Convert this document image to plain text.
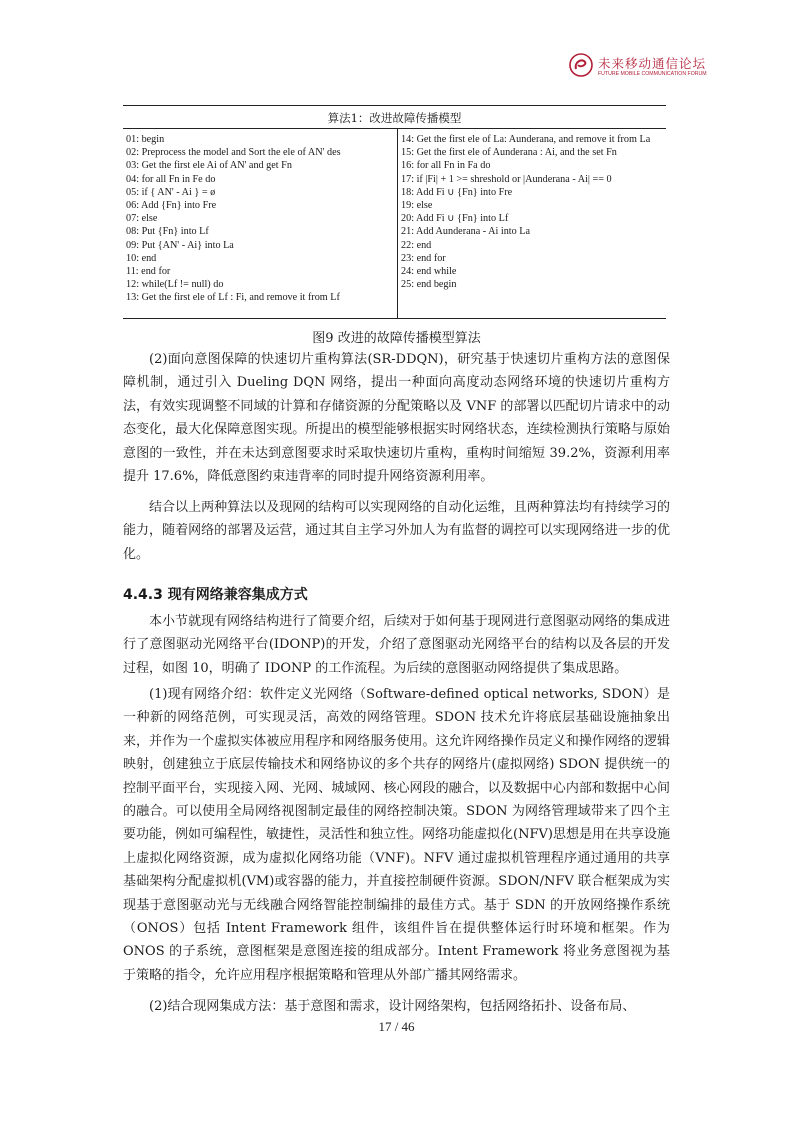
未来移动通信论坛
FUTURE MOBILE COMMUNICATION FORUM
算法1：改进故障传播模型
01: begin
02: Preprocess the model and Sort the ele of AN' des
03: Get the first ele Ai of AN' and get Fn
04: for all Fn in Fe do
05: if { AN' - Ai } = ø
06: Add {Fn} into Fre
07: else
08: Put {Fn} into Lf
09: Put {AN' - Ai} into La
10: end
11: end for
12: while(Lf != null) do
13: Get the first ele of Lf : Fi, and remove it from Lf
14: Get the first ele of La: Aunderana, and remove it from La
15: Get the first ele of Aunderana : Ai, and the set Fn
16: for all Fn in Fa do
17: if |Fi| + 1 >= shreshold or |Aunderana - Ai| == 0
18: Add Fi ∪ {Fn} into Fre
19: else
20: Add Fi ∪ {Fn} into Lf
21: Add Aunderana - Ai into La
22: end
23: end for
24: end while
25: end begin
图9 改进的故障传播模型算法
(2)面向意图保障的快速切片重构算法(SR-DDQN)，研究基于快速切片重构方法的意图保障机制，通过引入 Dueling DQN 网络，提出一种面向高度动态网络环境的快速切片重构方法，有效实现调整不同域的计算和存储资源的分配策略以及 VNF 的部署以匹配切片请求中的动态变化，最大化保障意图实现。所提出的模型能够根据实时网络状态，连续检测执行策略与原始意图的一致性，并在未达到意图要求时采取快速切片重构，重构时间缩短 39.2%，资源利用率提升 17.6%，降低意图约束违背率的同时提升网络资源利用率。
结合以上两种算法以及现网的结构可以实现网络的自动化运维，且两种算法均有持续学习的能力，随着网络的部署及运营，通过其自主学习外加人为有监督的调控可以实现网络进一步的优化。
4.4.3 现有网络兼容集成方式
本小节就现有网络结构进行了简要介绍，后续对于如何基于现网进行意图驱动网络的集成进行了意图驱动光网络平台(IDONP)的开发，介绍了意图驱动光网络平台的结构以及各层的开发过程，如图 10，明确了 IDONP 的工作流程。为后续的意图驱动网络提供了集成思路。
(1)现有网络介绍：软件定义光网络（Software-defined optical networks, SDON）是一种新的网络范例，可实现灵活，高效的网络管理。SDON 技术允许将底层基础设施抽象出来，并作为一个虚拟实体被应用程序和网络服务使用。这允许网络操作员定义和操作网络的逻辑映射，创建独立于底层传输技术和网络协议的多个共存的网络片(虚拟网络) SDON 提供统一的控制平面平台，实现接入网、光网、城域网、核心网段的融合，以及数据中心内部和数据中心间的融合。可以使用全局网络视图制定最佳的网络控制决策。SDON 为网络管理域带来了四个主要功能，例如可编程性，敏捷性，灵活性和独立性。网络功能虚拟化(NFV)思想是用在共享设施上虚拟化网络资源，成为虚拟化网络功能（VNF)。NFV 通过虚拟机管理程序通过通用的共享基础架构分配虚拟机(VM)或容器的能力，并直接控制硬件资源。SDON/NFV 联合框架成为实现基于意图驱动光与无线融合网络智能控制编排的最佳方式。基于 SDN 的开放网络操作系统（ONOS）包括 Intent Framework 组件，该组件旨在提供整体运行时环境和框架。作为 ONOS 的子系统，意图框架是意图连接的组成部分。Intent Framework 将业务意图视为基于策略的指令，允许应用程序根据策略和管理从外部广播其网络需求。
(2)结合现网集成方法：基于意图和需求，设计网络架构，包括网络拓扑、设备布局、
17 / 46
